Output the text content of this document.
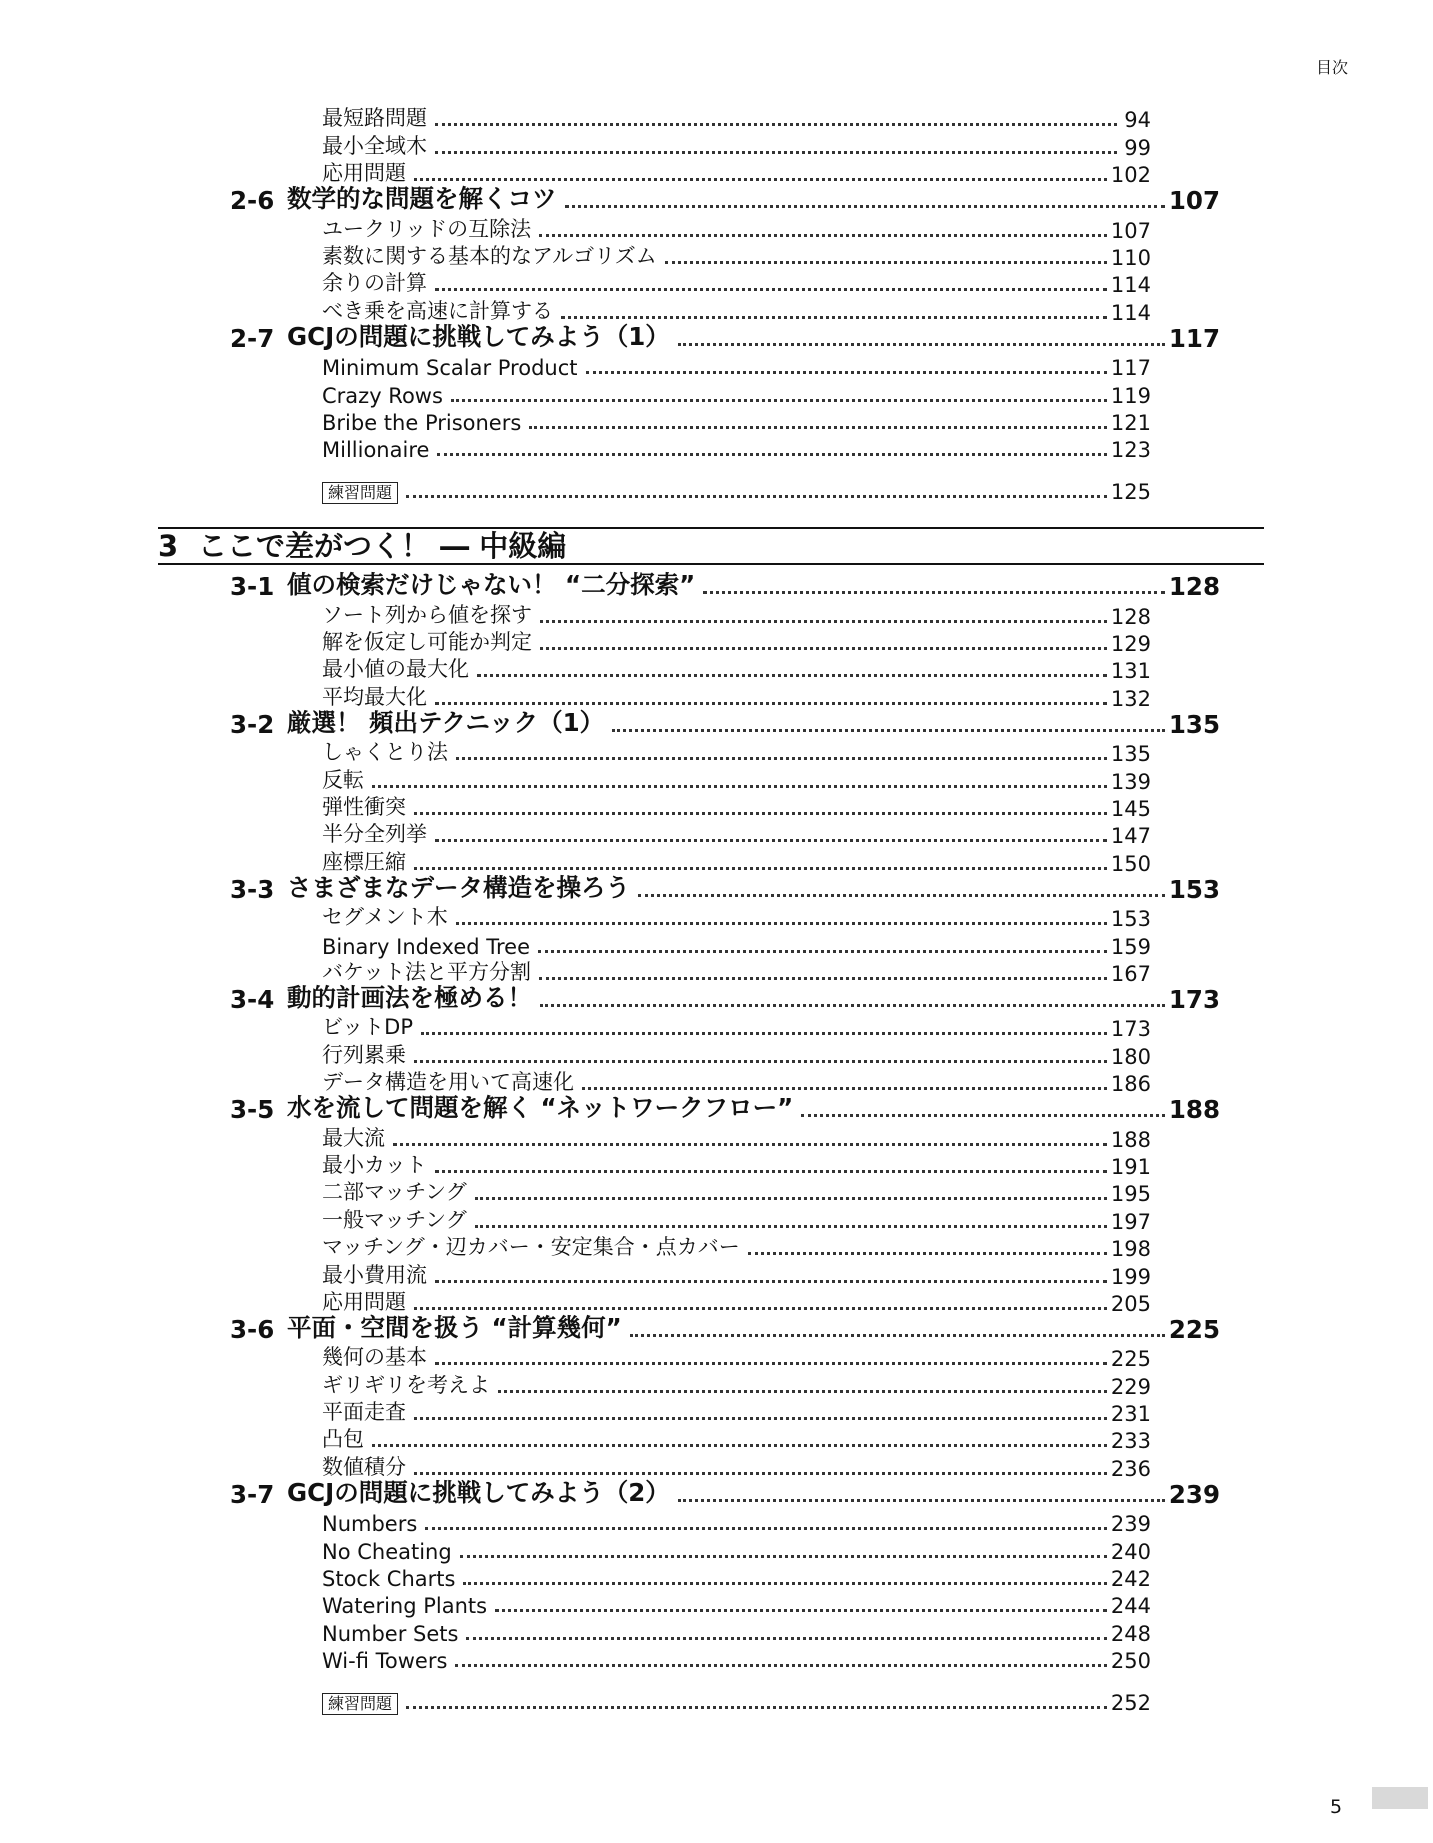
目次
最短路問題	94
最小全域木	99
応用問題	102
2-6 数学的な問題を解くコツ	107
ユークリッドの互除法	107
素数に関する基本的なアルゴリズム	110
余りの計算	114
べき乗を高速に計算する	114
2-7 GCJの問題に挑戦してみよう（1）	117
Minimum Scalar Product	117
Crazy Rows	119
Bribe the Prisoners	121
Millionaire	123
練習問題	125
3 ここで差がつく！ ― 中級編
3-1 値の検索だけじゃない！ “二分探索”	128
ソート列から値を探す	128
解を仮定し可能か判定	129
最小値の最大化	131
平均最大化	132
3-2 厳選！ 頻出テクニック（1）	135
しゃくとり法	135
反転	139
弾性衝突	145
半分全列挙	147
座標圧縮	150
3-3 さまざまなデータ構造を操ろう	153
セグメント木	153
Binary Indexed Tree	159
バケット法と平方分割	167
3-4 動的計画法を極める！	173
ビットDP	173
行列累乗	180
データ構造を用いて高速化	186
3-5 水を流して問題を解く “ネットワークフロー”	188
最大流	188
最小カット	191
二部マッチング	195
一般マッチング	197
マッチング・辺カバー・安定集合・点カバー	198
最小費用流	199
応用問題	205
3-6 平面・空間を扱う “計算幾何”	225
幾何の基本	225
ギリギリを考えよ	229
平面走査	231
凸包	233
数値積分	236
3-7 GCJの問題に挑戦してみよう（2）	239
Numbers	239
No Cheating	240
Stock Charts	242
Watering Plants	244
Number Sets	248
Wi-fi Towers	250
練習問題	252
5
